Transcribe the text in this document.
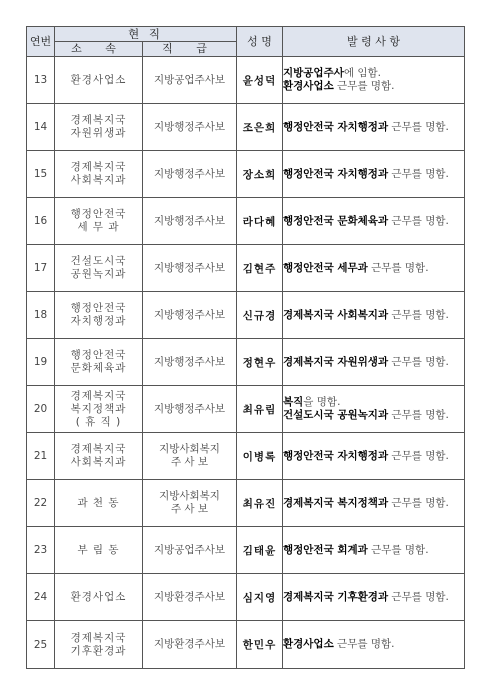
연번	현 직		성 명	발 령 사 항
	소 속	직 급		
13	환경사업소	지방공업주사보	윤성덕	지방공업주사에 임함.
환경사업소 근무를 명함.

14	경제복지국
자원위생과	지방행정주사보	조은희	행정안전국 자치행정과 근무를 명함.

15	경제복지국
사회복지과	지방행정주사보	장소희	행정안전국 자치행정과 근무를 명함.

16	행정안전국
세 무 과	지방행정주사보	라다혜	행정안전국 문화체육과 근무를 명함.

17	건설도시국
공원녹지과	지방행정주사보	김현주	행정안전국 세무과 근무를 명함.

18	행정안전국
자치행정과	지방행정주사보	신규경	경제복지국 사회복지과 근무를 명함.

19	행정안전국
문화체육과	지방행정주사보	정현우	경제복지국 자원위생과 근무를 명함.

20	경제복지국
복지정책과
( 휴 직 )	지방행정주사보	최유림	복직을 명함.
건설도시국 공원녹지과 근무를 명함.

21	경제복지국
사회복지과	지방사회복지
주 사 보	이병록	행정안전국 자치행정과 근무를 명함.

22	과 천 동	지방사회복지
주 사 보	최유진	경제복지국 복지정책과 근무를 명함.

23	부 림 동	지방공업주사보	김태윤	행정안전국 회계과 근무를 명함.

24	환경사업소	지방환경주사보	심지영	경제복지국 기후환경과 근무를 명함.

25	경제복지국
기후환경과	지방환경주사보	한민우	환경사업소 근무를 명함.
